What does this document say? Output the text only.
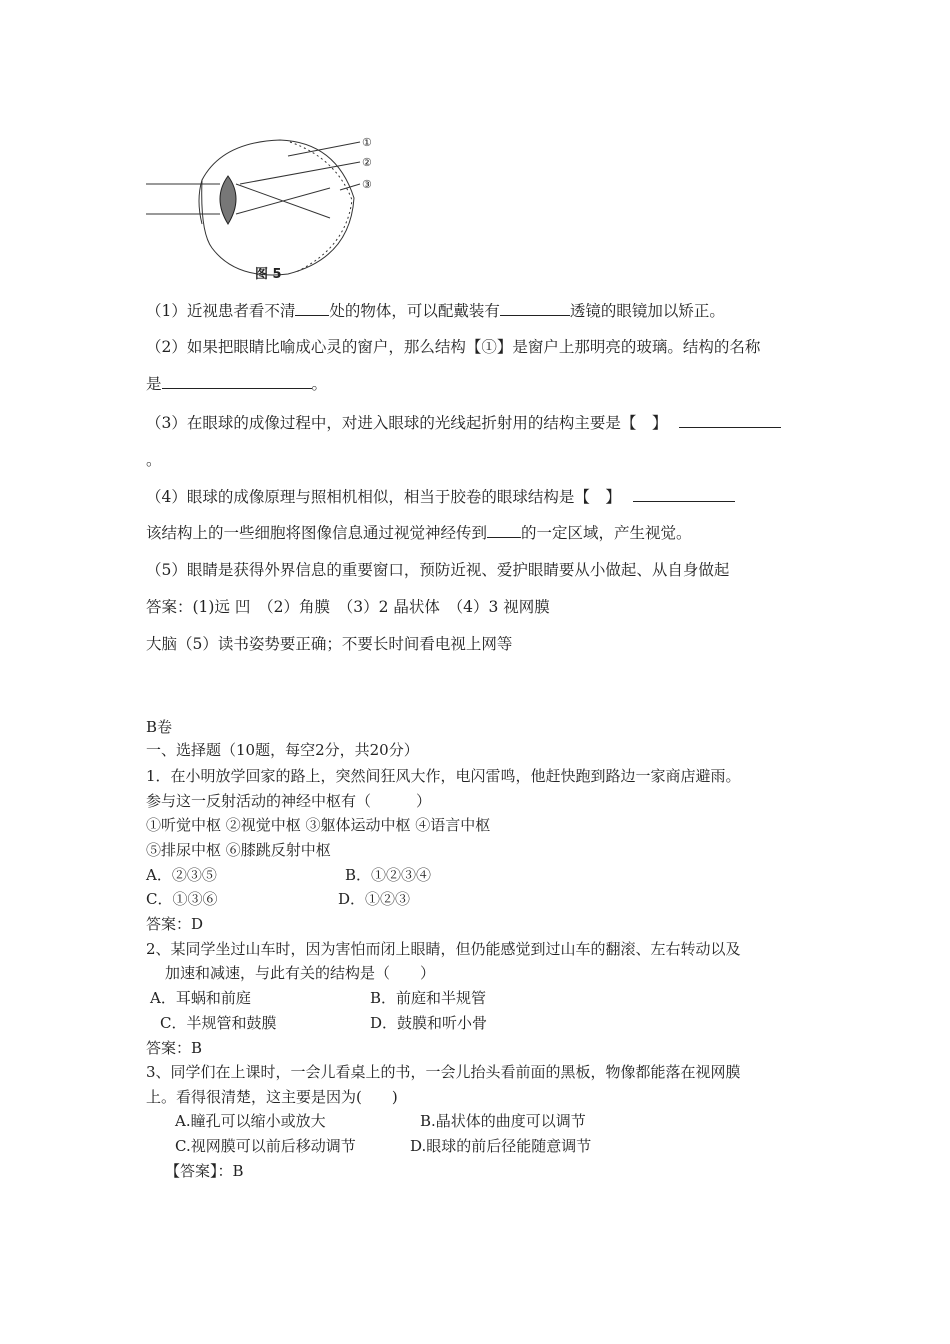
①
②
③
图 5
（1）近视患者看不清 处的物体，可以配戴装有	透镜的眼镜加以矫正。
（2）如果把眼睛比喻成心灵的窗户，那么结构【①】是窗户上那明亮的玻璃。结构的名称
是	。
（3）在眼球的成像过程中，对进入眼球的光线起折射用的结构主要是【　】
。
（4）眼球的成像原理与照相机相似，相当于胶卷的眼球结构是【　】
该结构上的一些细胞将图像信息通过视觉神经传到 的一定区域，产生视觉。
（5）眼睛是获得外界信息的重要窗口，预防近视、爱护眼睛要从小做起、从自身做起
答案：(1)远 凹　（2）角膜　（3）2 晶状体　（4）3 视网膜
大脑（5）读书姿势要正确；不要长时间看电视上网等
B卷
一、选择题（10题，每空2分，共20分）
1．在小明放学回家的路上，突然间狂风大作，电闪雷鸣，他赶快跑到路边一家商店避雨。
参与这一反射活动的神经中枢有（　　　）
①听觉中枢 ②视觉中枢 ③躯体运动中枢 ④语言中枢
⑤排尿中枢 ⑥膝跳反射中枢
A．②③⑤	B．①②③④
C．①③⑥	D．①②③
答案：D
2、某同学坐过山车时，因为害怕而闭上眼睛，但仍能感觉到过山车的翻滚、左右转动以及
加速和减速，与此有关的结构是（　　）
A．耳蜗和前庭	B．前庭和半规管
C．半规管和鼓膜	D．鼓膜和听小骨
答案：B
3、同学们在上课时，一会儿看桌上的书，一会儿抬头看前面的黑板，物像都能落在视网膜
上。看得很清楚，这主要是因为(　　)
A.瞳孔可以缩小或放大	B.晶状体的曲度可以调节
C.视网膜可以前后移动调节	D.眼球的前后径能随意调节
【答案】：B
